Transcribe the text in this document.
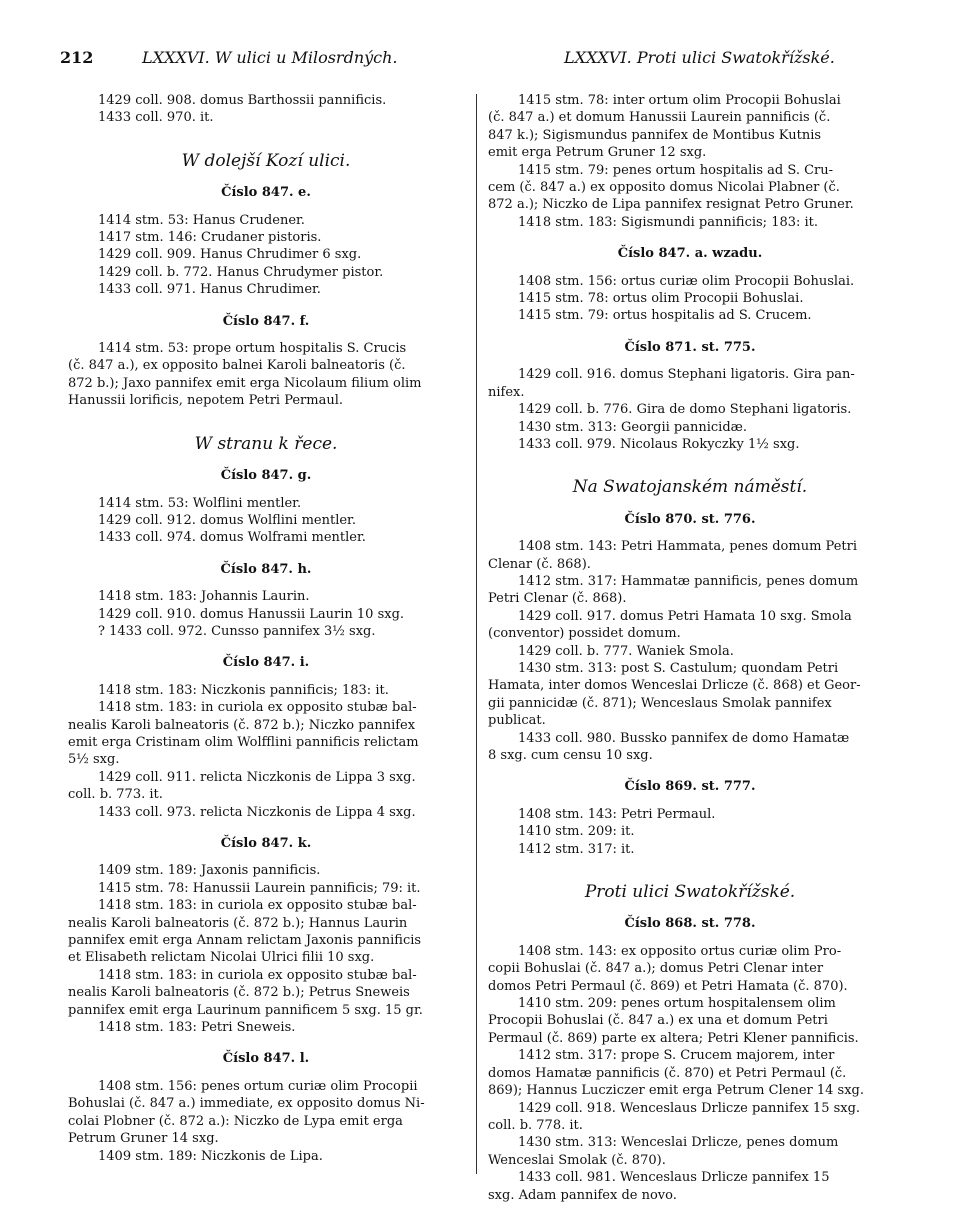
212	LXXXVI. W ulici u Milosrdných.	LXXXVI. Proti ulici Swatokřížské.
1429 coll. 908. domus Barthossii pannificis.
1433 coll. 970. it.
W dolejší Kozí ulici.
Číslo 847. e.
1414 stm. 53: Hanus Crudener.
1417 stm. 146: Crudaner pistoris.
1429 coll. 909. Hanus Chrudimer 6 sxg.
1429 coll. b. 772. Hanus Chrudymer pistor.
1433 coll. 971. Hanus Chrudimer.
Číslo 847. f.
1414 stm. 53: prope ortum hospitalis S. Crucis
(č. 847 a.), ex opposito balnei Karoli balneatoris (č.
872 b.); Jaxo pannifex emit erga Nicolaum filium olim
Hanussii lorificis, nepotem Petri Permaul.
W stranu k řece.
Číslo 847. g.
1414 stm. 53: Wolflini mentler.
1429 coll. 912. domus Wolflini mentler.
1433 coll. 974. domus Wolframi mentler.
Číslo 847. h.
1418 stm. 183: Johannis Laurin.
1429 coll. 910. domus Hanussii Laurin 10 sxg.
? 1433 coll. 972. Cunsso pannifex 3½ sxg.
Číslo 847. i.
1418 stm. 183: Niczkonis pannificis; 183: it.
1418 stm. 183: in curiola ex opposito stubæ bal-
nealis Karoli balneatoris (č. 872 b.); Niczko pannifex
emit erga Cristinam olim Wolfflini pannificis relictam
5½ sxg.
1429 coll. 911. relicta Niczkonis de Lippa 3 sxg.
coll. b. 773. it.
1433 coll. 973. relicta Niczkonis de Lippa 4 sxg.
Číslo 847. k.
1409 stm. 189: Jaxonis pannificis.
1415 stm. 78: Hanussii Laurein pannificis; 79: it.
1418 stm. 183: in curiola ex opposito stubæ bal-
nealis Karoli balneatoris (č. 872 b.); Hannus Laurin
pannifex emit erga Annam relictam Jaxonis pannificis
et Elisabeth relictam Nicolai Ulrici filii 10 sxg.
1418 stm. 183: in curiola ex opposito stubæ bal-
nealis Karoli balneatoris (č. 872 b.); Petrus Sneweis
pannifex emit erga Laurinum pannificem 5 sxg. 15 gr.
1418 stm. 183: Petri Sneweis.
Číslo 847. l.
1408 stm. 156: penes ortum curiæ olim Procopii
Bohuslai (č. 847 a.) immediate, ex opposito domus Ni-
colai Plobner (č. 872 a.): Niczko de Lypa emit erga
Petrum Gruner 14 sxg.
1409 stm. 189: Niczkonis de Lipa.
1415 stm. 78: inter ortum olim Procopii Bohuslai
(č. 847 a.) et domum Hanussii Laurein pannificis (č.
847 k.); Sigismundus pannifex de Montibus Kutnis
emit erga Petrum Gruner 12 sxg.
1415 stm. 79: penes ortum hospitalis ad S. Cru-
cem (č. 847 a.) ex opposito domus Nicolai Plabner (č.
872 a.); Niczko de Lipa pannifex resignat Petro Gruner.
1418 stm. 183: Sigismundi pannificis; 183: it.
Číslo 847. a. wzadu.
1408 stm. 156: ortus curiæ olim Procopii Bohuslai.
1415 stm. 78: ortus olim Procopii Bohuslai.
1415 stm. 79: ortus hospitalis ad S. Crucem.
Číslo 871. st. 775.
1429 coll. 916. domus Stephani ligatoris. Gira pan-
nifex.
1429 coll. b. 776. Gira de domo Stephani ligatoris.
1430 stm. 313: Georgii pannicidæ.
1433 coll. 979. Nicolaus Rokyczky 1½ sxg.
Na Swatojanském náměstí.
Číslo 870. st. 776.
1408 stm. 143: Petri Hammata, penes domum Petri
Clenar (č. 868).
1412 stm. 317: Hammatæ pannificis, penes domum
Petri Clenar (č. 868).
1429 coll. 917. domus Petri Hamata 10 sxg. Smola
(conventor) possidet domum.
1429 coll. b. 777. Waniek Smola.
1430 stm. 313: post S. Castulum; quondam Petri
Hamata, inter domos Wenceslai Drlicze (č. 868) et Geor-
gii pannicidæ (č. 871); Wenceslaus Smolak pannifex
publicat.
1433 coll. 980. Bussko pannifex de domo Hamatæ
8 sxg. cum censu 10 sxg.
Číslo 869. st. 777.
1408 stm. 143: Petri Permaul.
1410 stm. 209: it.
1412 stm. 317: it.
Proti ulici Swatokřížské.
Číslo 868. st. 778.
1408 stm. 143: ex opposito ortus curiæ olim Pro-
copii Bohuslai (č. 847 a.); domus Petri Clenar inter
domos Petri Permaul (č. 869) et Petri Hamata (č. 870).
1410 stm. 209: penes ortum hospitalensem olim
Procopii Bohuslai (č. 847 a.) ex una et domum Petri
Permaul (č. 869) parte ex altera; Petri Klener pannificis.
1412 stm. 317: prope S. Crucem majorem, inter
domos Hamatæ pannificis (č. 870) et Petri Permaul (č.
869); Hannus Lucziczer emit erga Petrum Clener 14 sxg.
1429 coll. 918. Wenceslaus Drlicze pannifex 15 sxg.
coll. b. 778. it.
1430 stm. 313: Wenceslai Drlicze, penes domum
Wenceslai Smolak (č. 870).
1433 coll. 981. Wenceslaus Drlicze pannifex 15
sxg. Adam pannifex de novo.
